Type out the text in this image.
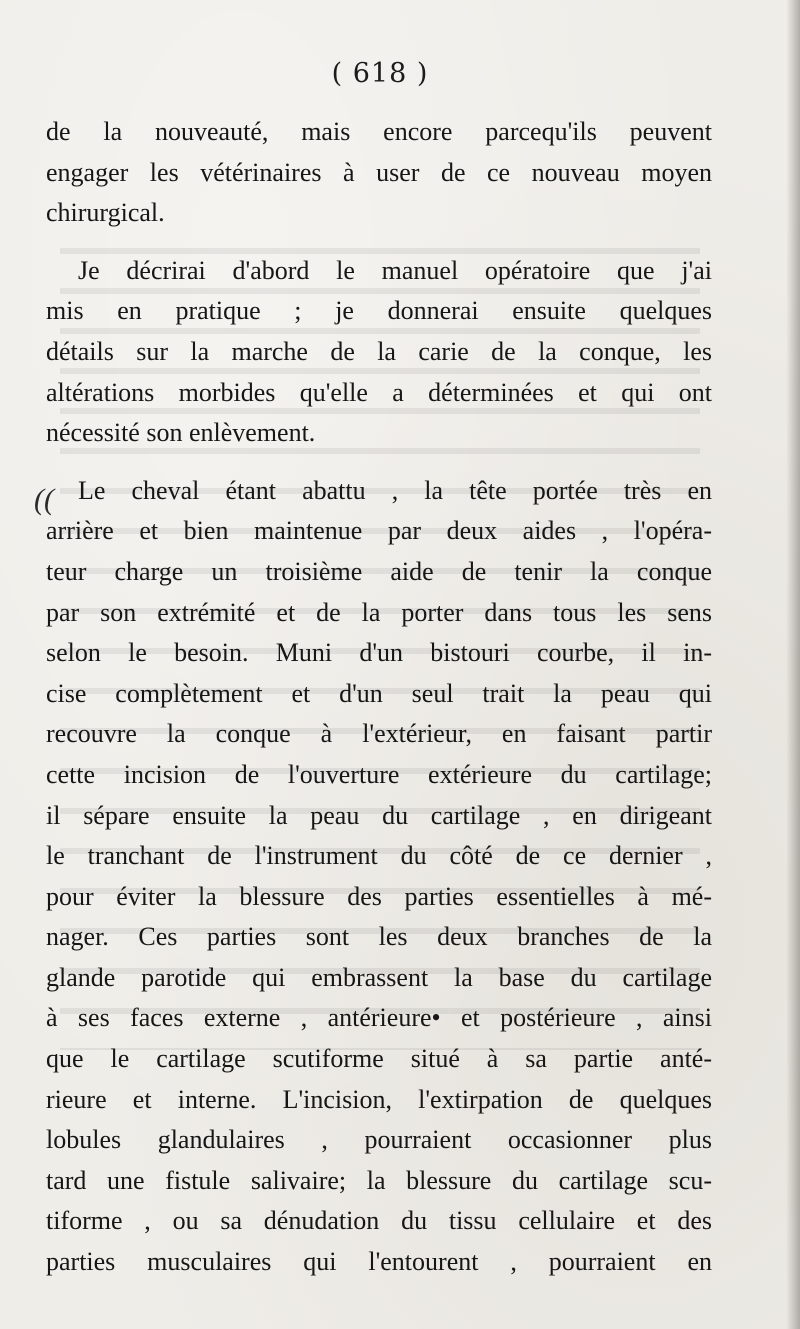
( 618 )
((
de la nouveauté, mais encore parcequ'ils peuvent
engager les vétérinaires à user de ce nouveau moyen
chirurgical.
Je décrirai d'abord le manuel opératoire que j'ai
mis en pratique ; je donnerai ensuite quelques
détails sur la marche de la carie de la conque, les
altérations morbides qu'elle a déterminées et qui ont
nécessité son enlèvement.
Le cheval étant abattu , la tête portée très en
arrière et bien maintenue par deux aides , l'opéra-
teur charge un troisième aide de tenir la conque
par son extrémité et de la porter dans tous les sens
selon le besoin. Muni d'un bistouri courbe, il in-
cise complètement et d'un seul trait la peau qui
recouvre la conque à l'extérieur, en faisant partir
cette incision de l'ouverture extérieure du cartilage;
il sépare ensuite la peau du cartilage , en dirigeant
le tranchant de l'instrument du côté de ce dernier ,
pour éviter la blessure des parties essentielles à mé-
nager. Ces parties sont les deux branches de la
glande parotide qui embrassent la base du cartilage
à ses faces externe , antérieure• et postérieure , ainsi
que le cartilage scutiforme situé à sa partie anté-
rieure et interne. L'incision, l'extirpation de quelques
lobules glandulaires , pourraient occasionner plus
tard une fistule salivaire; la blessure du cartilage scu-
tiforme , ou sa dénudation du tissu cellulaire et des
parties musculaires qui l'entourent , pourraient en
